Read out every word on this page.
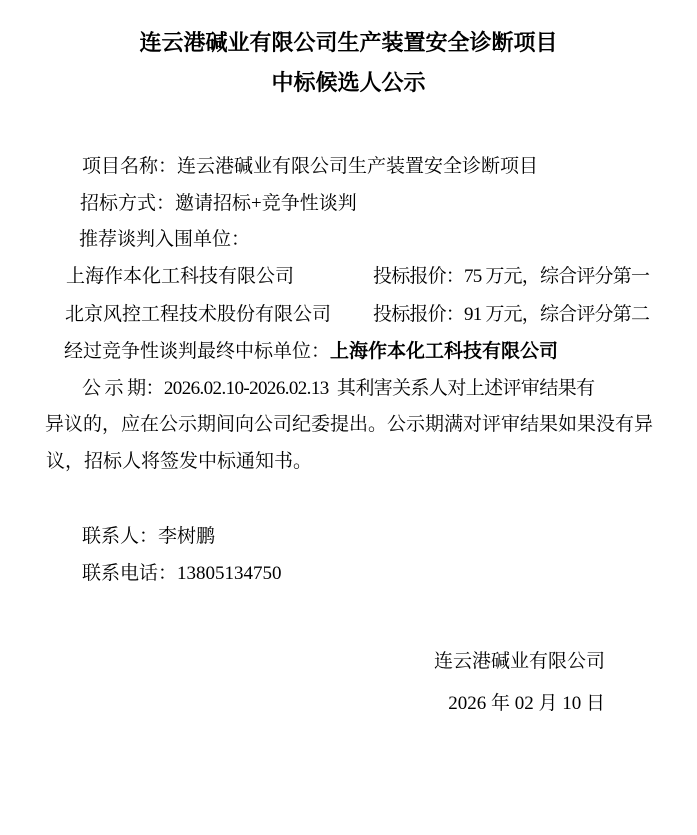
连云港碱业有限公司生产装置安全诊断项目
中标候选人公示
项目名称：连云港碱业有限公司生产装置安全诊断项目
招标方式：邀请招标+竞争性谈判
推荐谈判入围单位：
上海作本化工科技有限公司	投标报价：75 万元，综合评分第一
北京风控工程技术股份有限公司 投标报价：91 万元，综合评分第二
经过竞争性谈判最终中标单位：上海作本化工科技有限公司
公 示 期：2026.02.10-2026.02.13  其利害关系人对上述评审结果有
异议的，应在公示期间向公司纪委提出。公示期满对评审结果如果没有异
议，招标人将签发中标通知书。
联系人：李树鹏
联系电话：13805134750
连云港碱业有限公司
2026 年 02 月 10 日
